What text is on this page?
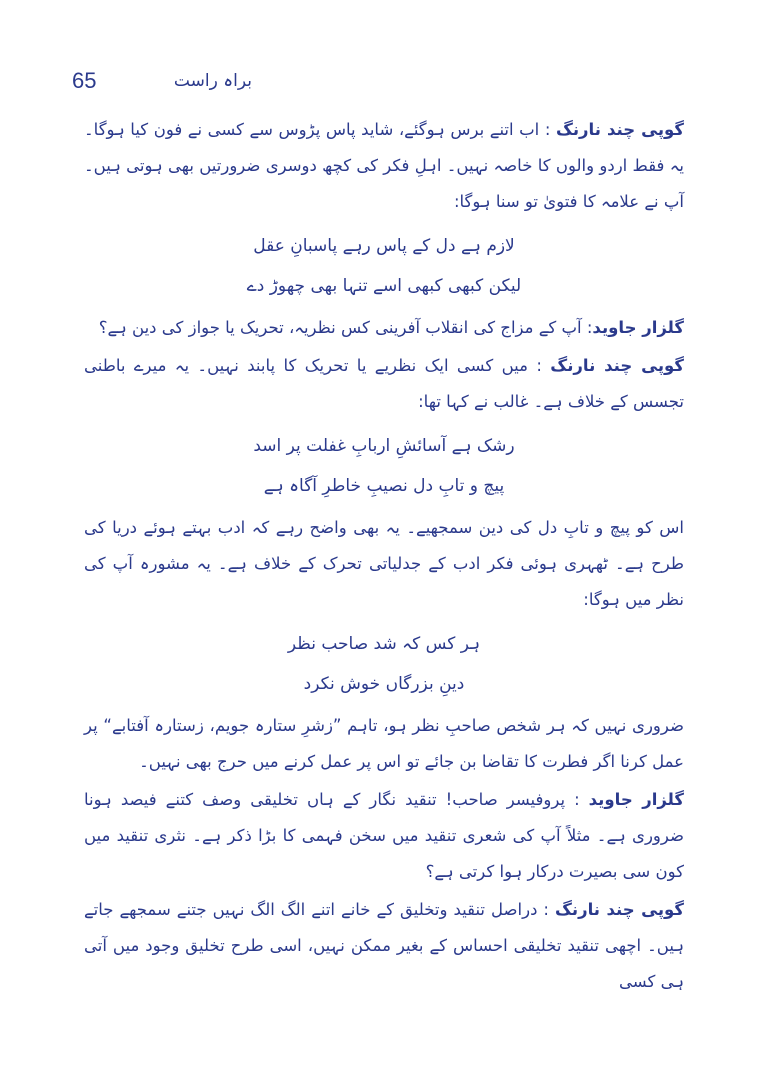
65	براہ راست

گوپی چند نارنگ : اب اتنے برس ہوگئے، شاید پاس پڑوس سے کسی نے فون کیا ہوگا۔ یہ فقط اردو والوں کا خاصہ نہیں۔ اہلِ فکر کی کچھ دوسری ضرورتیں بھی ہوتی ہیں۔ آپ نے علامہ کا فتویٰ تو سنا ہوگا:

لازم ہے دل کے پاس رہے پاسبانِ عقل
لیکن کبھی کبھی اسے تنہا بھی چھوڑ دے

گلزار جاوید: آپ کے مزاج کی انقلاب آفرینی کس نظریہ، تحریک یا جواز کی دین ہے؟

گوپی چند نارنگ : میں کسی ایک نظریے یا تحریک کا پابند نہیں۔ یہ میرے باطنی تجسس کے خلاف ہے۔ غالب نے کہا تھا:

رشک ہے آسائشِ اربابِ غفلت پر اسد
پیچ و تابِ دل نصیبِ خاطرِ آگاہ ہے

اس کو پیچ و تابِ دل کی دین سمجھیے۔ یہ بھی واضح رہے کہ ادب بہتے ہوئے دریا کی طرح ہے۔ ٹھہری ہوئی فکر ادب کے جدلیاتی تحرک کے خلاف ہے۔ یہ مشورہ آپ کی نظر میں ہوگا:

ہر کس کہ شد صاحب نظر
دینِ بزرگاں خوش نکرد

ضروری نہیں کہ ہر شخص صاحبِ نظر ہو، تاہم ”زشرِ ستارہ جویم، زستارہ آفتابے“ پر عمل کرنا اگر فطرت کا تقاضا بن جائے تو اس پر عمل کرنے میں حرج بھی نہیں۔

گلزار جاوید : پروفیسر صاحب! تنقید نگار کے ہاں تخلیقی وصف کتنے فیصد ہونا ضروری ہے۔ مثلاً آپ کی شعری تنقید میں سخن فہمی کا بڑا ذکر ہے۔ نثری تنقید میں کون سی بصیرت درکار ہوا کرتی ہے؟

گوپی چند نارنگ : دراصل تنقید وتخلیق کے خانے اتنے الگ الگ نہیں جتنے سمجھے جاتے ہیں۔ اچھی تنقید تخلیقی احساس کے بغیر ممکن نہیں، اسی طرح تخلیق وجود میں آتی ہی کسی
